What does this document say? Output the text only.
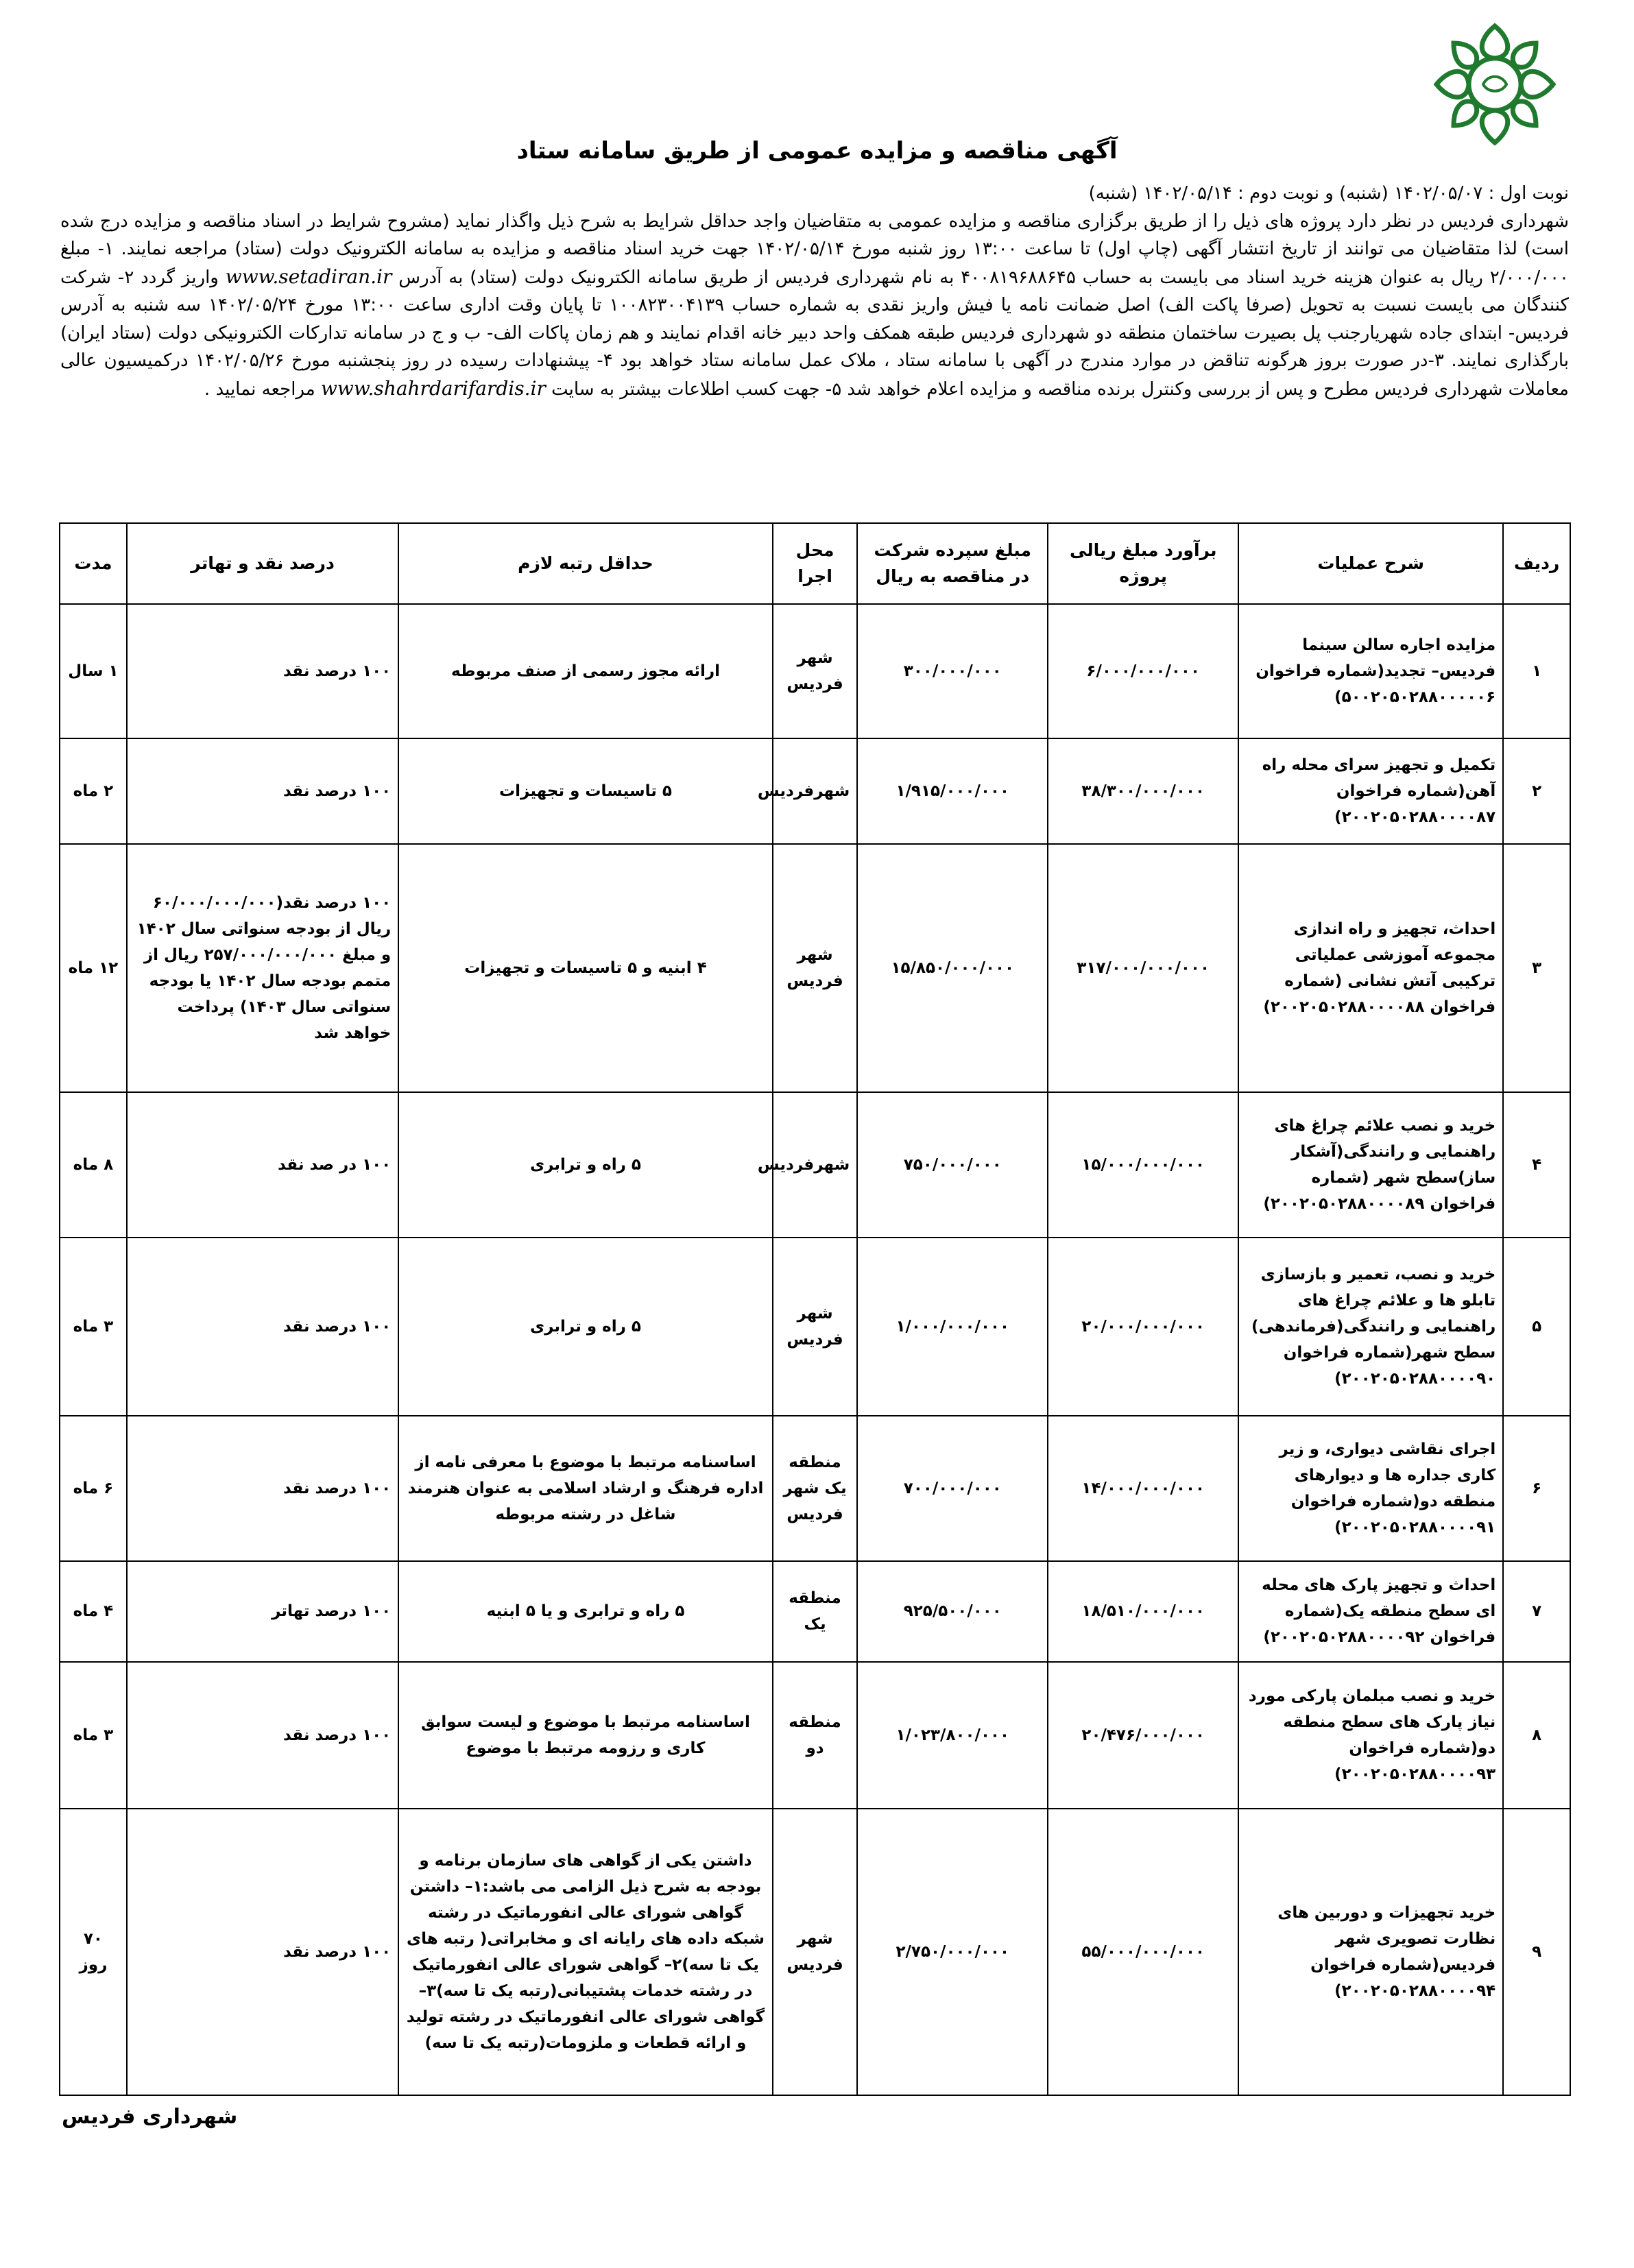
آگهی مناقصه و مزایده عمومی از طریق سامانه ستاد

نوبت اول : ۱۴۰۲/۰۵/۰۷ (شنبه) و نوبت دوم : ۱۴۰۲/۰۵/۱۴ (شنبه)

شهرداری فردیس در نظر دارد پروژه های ذیل را از طریق برگزاری مناقصه و مزایده عمومی به متقاضیان واجد حداقل شرایط به شرح ذیل واگذار نماید (مشروح شرایط در اسناد مناقصه و مزایده درج شده است) لذا متقاضیان می توانند از تاریخ انتشار آگهی (چاپ اول) تا ساعت ۱۳:۰۰ روز شنبه مورخ ۱۴۰۲/۰۵/۱۴ جهت خرید اسناد مناقصه و مزایده به سامانه الکترونیک دولت (ستاد) مراجعه نمایند. ۱- مبلغ ۲/۰۰۰/۰۰۰ ریال به عنوان هزینه خرید اسناد می بایست به حساب ۴۰۰۸۱۹۶۸۸۶۴۵ به نام شهرداری فردیس از طریق سامانه الکترونیک دولت (ستاد) به آدرس www.setadiran.ir واریز گردد ۲- شرکت کنندگان می بایست نسبت به تحویل (صرفا پاکت الف) اصل ضمانت نامه یا فیش واریز نقدی به شماره حساب ۱۰۰۸۲۳۰۰۴۱۳۹ تا پایان وقت اداری ساعت ۱۳:۰۰ مورخ ۱۴۰۲/۰۵/۲۴ سه شنبه به آدرس فردیس- ابتدای جاده شهریارجنب پل بصیرت ساختمان منطقه دو شهرداری فردیس طبقه همکف واحد دبیر خانه اقدام نمایند و هم زمان پاکات الف- ب و ج در سامانه تدارکات الکترونیکی دولت (ستاد ایران) بارگذاری نمایند. ۳-در صورت بروز هرگونه تناقض در موارد مندرج در آگهی با سامانه ستاد ، ملاک عمل سامانه ستاد خواهد بود ۴- پیشنهادات رسیده در روز پنجشنبه مورخ ۱۴۰۲/۰۵/۲۶ درکمیسیون عالی معاملات شهرداری فردیس مطرح و پس از بررسی وکنترل برنده مناقصه و مزایده اعلام خواهد شد ۵- جهت کسب اطلاعات بیشتر به سایت www.shahrdarifardis.ir مراجعه نمایید .

ردیف	شرح عملیات	برآورد مبلغ ریالی پروژه	مبلغ سپرده شرکت در مناقصه به ریال	محل اجرا	حداقل رتبه لازم	درصد نقد و تهاتر	مدت
۱	مزایده اجاره سالن سینما فردیس– تجدید(شماره فراخوان ۵۰۰۲۰۵۰۲۸۸۰۰۰۰۰۶)	۶/۰۰۰/۰۰۰/۰۰۰	۳۰۰/۰۰۰/۰۰۰	شهر فردیس	ارائه مجوز رسمی از صنف مربوطه	۱۰۰ درصد نقد	۱ سال
۲	تکمیل و تجهیز سرای محله راه آهن(شماره فراخوان ۲۰۰۲۰۵۰۲۸۸۰۰۰۰۸۷)	۳۸/۳۰۰/۰۰۰/۰۰۰	۱/۹۱۵/۰۰۰/۰۰۰	شهرفردیس	۵ تاسیسات و تجهیزات	۱۰۰ درصد نقد	۲ ماه
۳	احداث، تجهیز و راه اندازی مجموعه آموزشی عملیاتی ترکیبی آتش نشانی (شماره فراخوان ۲۰۰۲۰۵۰۲۸۸۰۰۰۰۸۸)	۳۱۷/۰۰۰/۰۰۰/۰۰۰	۱۵/۸۵۰/۰۰۰/۰۰۰	شهر فردیس	۴ ابنیه و ۵ تاسیسات و تجهیزات	۱۰۰ درصد نقد(۶۰/۰۰۰/۰۰۰/۰۰۰ ریال از بودجه سنواتی سال ۱۴۰۲ و مبلغ ۲۵۷/۰۰۰/۰۰۰/۰۰۰ ریال از متمم بودجه سال ۱۴۰۲ یا بودجه سنواتی سال ۱۴۰۳) پرداخت خواهد شد	۱۲ ماه
۴	خرید و نصب علائم چراغ های راهنمایی و رانندگی(آشکار ساز)سطح شهر (شماره فراخوان ۲۰۰۲۰۵۰۲۸۸۰۰۰۰۸۹)	۱۵/۰۰۰/۰۰۰/۰۰۰	۷۵۰/۰۰۰/۰۰۰	شهرفردیس	۵ راه و ترابری	۱۰۰ در صد نقد	۸ ماه
۵	خرید و نصب، تعمیر و بازسازی تابلو ها و علائم چراغ های راهنمایی و رانندگی(فرماندهی) سطح شهر(شماره فراخوان ۲۰۰۲۰۵۰۲۸۸۰۰۰۰۹۰)	۲۰/۰۰۰/۰۰۰/۰۰۰	۱/۰۰۰/۰۰۰/۰۰۰	شهر فردیس	۵ راه و ترابری	۱۰۰ درصد نقد	۳ ماه
۶	اجرای نقاشی دیواری، و زیر کاری جداره ها و دیوارهای منطقه دو(شماره فراخوان ۲۰۰۲۰۵۰۲۸۸۰۰۰۰۹۱)	۱۴/۰۰۰/۰۰۰/۰۰۰	۷۰۰/۰۰۰/۰۰۰	منطقه یک شهر فردیس	اساسنامه مرتبط با موضوع با معرفی نامه از اداره فرهنگ و ارشاد اسلامی به عنوان هنرمند شاغل در رشته مربوطه	۱۰۰ درصد نقد	۶ ماه
۷	احداث و تجهیز پارک های محله ای سطح منطقه یک(شماره فراخوان ۲۰۰۲۰۵۰۲۸۸۰۰۰۰۹۲)	۱۸/۵۱۰/۰۰۰/۰۰۰	۹۲۵/۵۰۰/۰۰۰	منطقه یک	۵ راه و ترابری و یا ۵ ابنیه	۱۰۰ درصد تهاتر	۴ ماه
۸	خرید و نصب مبلمان پارکی مورد نیاز پارک های سطح منطقه دو(شماره فراخوان ۲۰۰۲۰۵۰۲۸۸۰۰۰۰۹۳)	۲۰/۴۷۶/۰۰۰/۰۰۰	۱/۰۲۳/۸۰۰/۰۰۰	منطقه دو	اساسنامه مرتبط با موضوع و لیست سوابق کاری و رزومه مرتبط با موضوع	۱۰۰ درصد نقد	۳ ماه
۹	خرید تجهیزات و دوربین های نظارت تصویری شهر فردیس(شماره فراخوان ۲۰۰۲۰۵۰۲۸۸۰۰۰۰۹۴)	۵۵/۰۰۰/۰۰۰/۰۰۰	۲/۷۵۰/۰۰۰/۰۰۰	شهر فردیس	داشتن یکی از گواهی های سازمان برنامه و بودجه به شرح ذیل الزامی می باشد:۱– داشتن گواهی شورای عالی انفورماتیک در رشته شبکه داده های رایانه ای و مخابراتی( رتبه های یک تا سه)۲– گواهی شورای عالی انفورماتیک در رشته خدمات پشتیبانی(رتبه یک تا سه)۳– گواهی شورای عالی انفورماتیک در رشته تولید و ارائه قطعات و ملزومات(رتبه یک تا سه)	۱۰۰ درصد نقد	۷۰ روز
شهرداری فردیس
